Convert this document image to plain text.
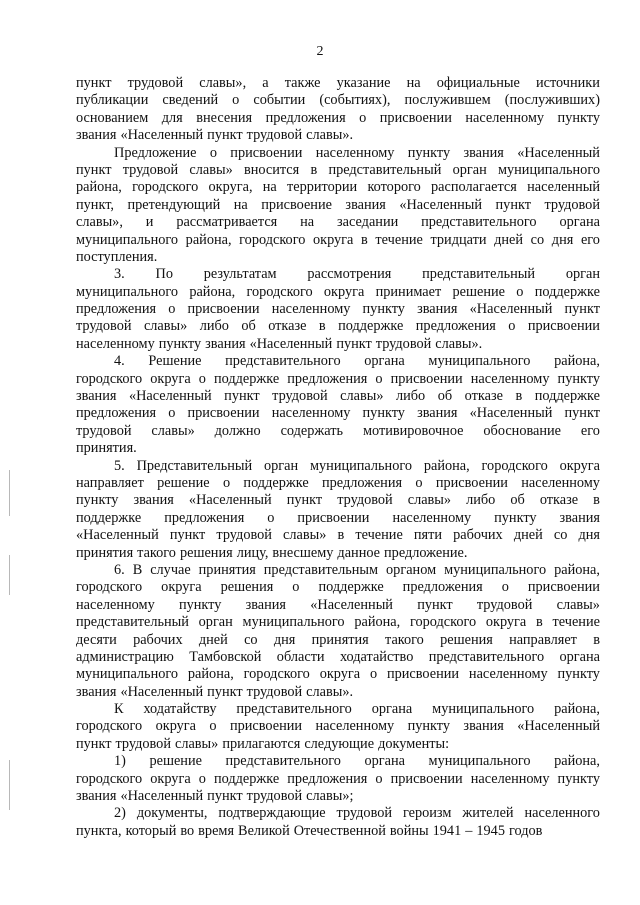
2
пункт трудовой славы», а также указание на официальные источники
публикации сведений о событии (событиях), послужившем (послуживших)
основанием для внесения предложения о присвоении населенному пункту
звания «Населенный пункт трудовой славы».
Предложение о присвоении населенному пункту звания «Населенный
пункт трудовой славы» вносится в представительный орган муниципального
района, городского округа, на территории которого располагается населенный
пункт, претендующий на присвоение звания «Населенный пункт трудовой
славы», и рассматривается на заседании представительного органа
муниципального района, городского округа в течение тридцати дней со дня его
поступления.
3. По результатам рассмотрения представительный орган
муниципального района, городского округа принимает решение о поддержке
предложения о присвоении населенному пункту звания «Населенный пункт
трудовой славы» либо об отказе в поддержке предложения о присвоении
населенному пункту звания «Населенный пункт трудовой славы».
4. Решение представительного органа муниципального района,
городского округа о поддержке предложения о присвоении населенному пункту
звания «Населенный пункт трудовой славы» либо об отказе в поддержке
предложения о присвоении населенному пункту звания «Населенный пункт
трудовой славы» должно содержать мотивировочное обоснование его
принятия.
5. Представительный орган муниципального района, городского округа
направляет решение о поддержке предложения о присвоении населенному
пункту звания «Населенный пункт трудовой славы» либо об отказе в
поддержке предложения о присвоении населенному пункту звания
«Населенный пункт трудовой славы» в течение пяти рабочих дней со дня
принятия такого решения лицу, внесшему данное предложение.
6. В случае принятия представительным органом муниципального района,
городского округа решения о поддержке предложения о присвоении
населенному пункту звания «Населенный пункт трудовой славы»
представительный орган муниципального района, городского округа в течение
десяти рабочих дней со дня принятия такого решения направляет в
администрацию Тамбовской области ходатайство представительного органа
муниципального района, городского округа о присвоении населенному пункту
звания «Населенный пункт трудовой славы».
К ходатайству представительного органа муниципального района,
городского округа о присвоении населенному пункту звания «Населенный
пункт трудовой славы» прилагаются следующие документы:
1) решение представительного органа муниципального района,
городского округа о поддержке предложения о присвоении населенному пункту
звания «Населенный пункт трудовой славы»;
2) документы, подтверждающие трудовой героизм жителей населенного
пункта, который во время Великой Отечественной войны 1941 – 1945 годов
